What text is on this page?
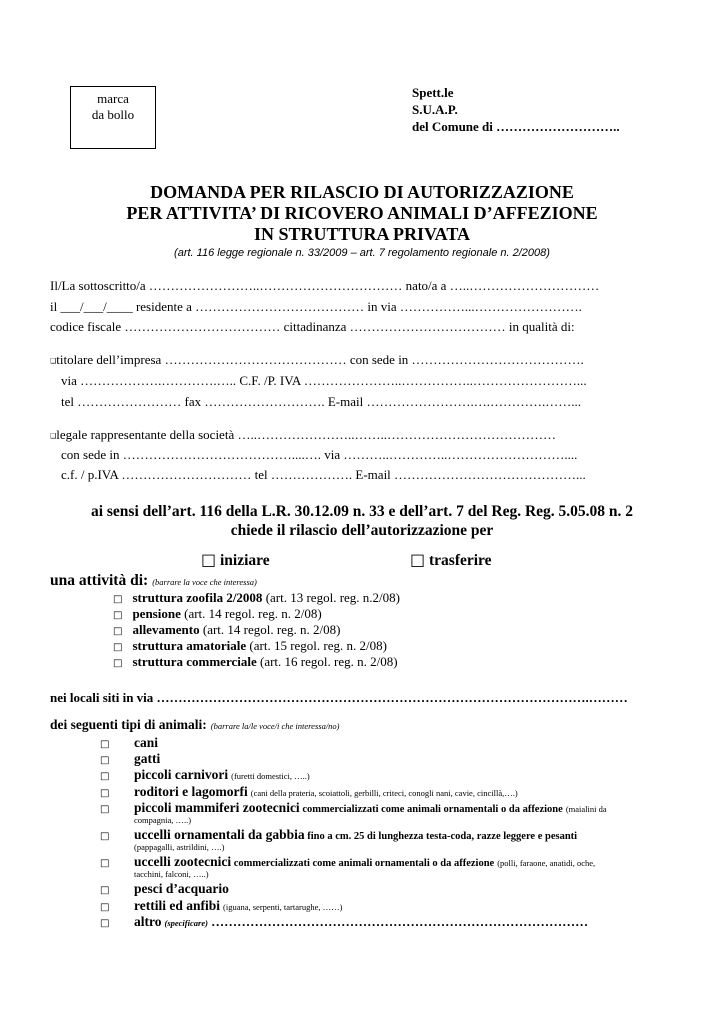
marca
da bollo
Spett.le
S.U.A.P.
del Comune di ………………………..
DOMANDA PER RILASCIO DI AUTORIZZAZIONE
PER ATTIVITA’ DI RICOVERO ANIMALI D’AFFEZIONE
IN STRUTTURA PRIVATA
(art. 116 legge regionale n. 33/2009 – art. 7 regolamento regionale n. 2/2008)
Il/La sottoscritto/a ……………………..…………………………… nato/a a …..…………………………
il ___/___/____ residente a ………………………………… in via ……………...…………………….
codice fiscale ……………………………… cittadinanza ……………………………… in qualità di:
❑titolare dell’impresa …………………………………… con sede in ………………………………….
via ……………….………….….. C.F. /P. IVA …………………..……………..……………………...
tel …………………… fax ………………………. E-mail …………………….….………….……...
❑legale rappresentante della società …..…………………..……..…………………………………
con sede in …………………………………....…. via ………..…………..………………………....
c.f. / p.IVA ………………………… tel ………………. E-mail ……………………………………...
ai sensi dell’art. 116 della L.R. 30.12.09 n. 33 e dell’art. 7 del Reg. Reg. 5.05.08 n. 2
chiede il rilascio dell’autorizzazione per
□ iniziare	□ trasferire
una attività di: (barrare la voce che interessa)
□ struttura zoofila 2/2008 (art. 13 regol. reg. n.2/08)
□ pensione (art. 14 regol. reg. n. 2/08)
□ allevamento (art. 14 regol. reg. n. 2/08)
□ struttura amatoriale (art. 15 regol. reg. n. 2/08)
□ struttura commerciale (art. 16 regol. reg. n. 2/08)
nei locali siti in via ……………………………………………………………………………………….………
dei seguenti tipi di animali: (barrare la/le voce/i che interessa/no)
□ cani
□ gatti
□ piccoli carnivori (furetti domestici, …..)
□ roditori e lagomorfi (cani della prateria, scoiattoli, gerbilli, criteci, conogli nani, cavie, cincillà,….)
□ piccoli mammiferi zootecnici commercializzati come animali ornamentali o da affezione (maialini da
compagnia, …..)
□ uccelli ornamentali da gabbia fino a cm. 25 di lunghezza testa-coda, razze leggere e pesanti
(pappagalli, astrildini, ….)
□ uccelli zootecnici commercializzati come animali ornamentali o da affezione (polli, faraone, anatidi, oche,
tacchini, falconi, …..)
□ pesci d’acquario
□ rettili ed anfibi (iguana, serpenti, tartarughe, ……)
□ altro (specificare) ……………………………………………………………………………
